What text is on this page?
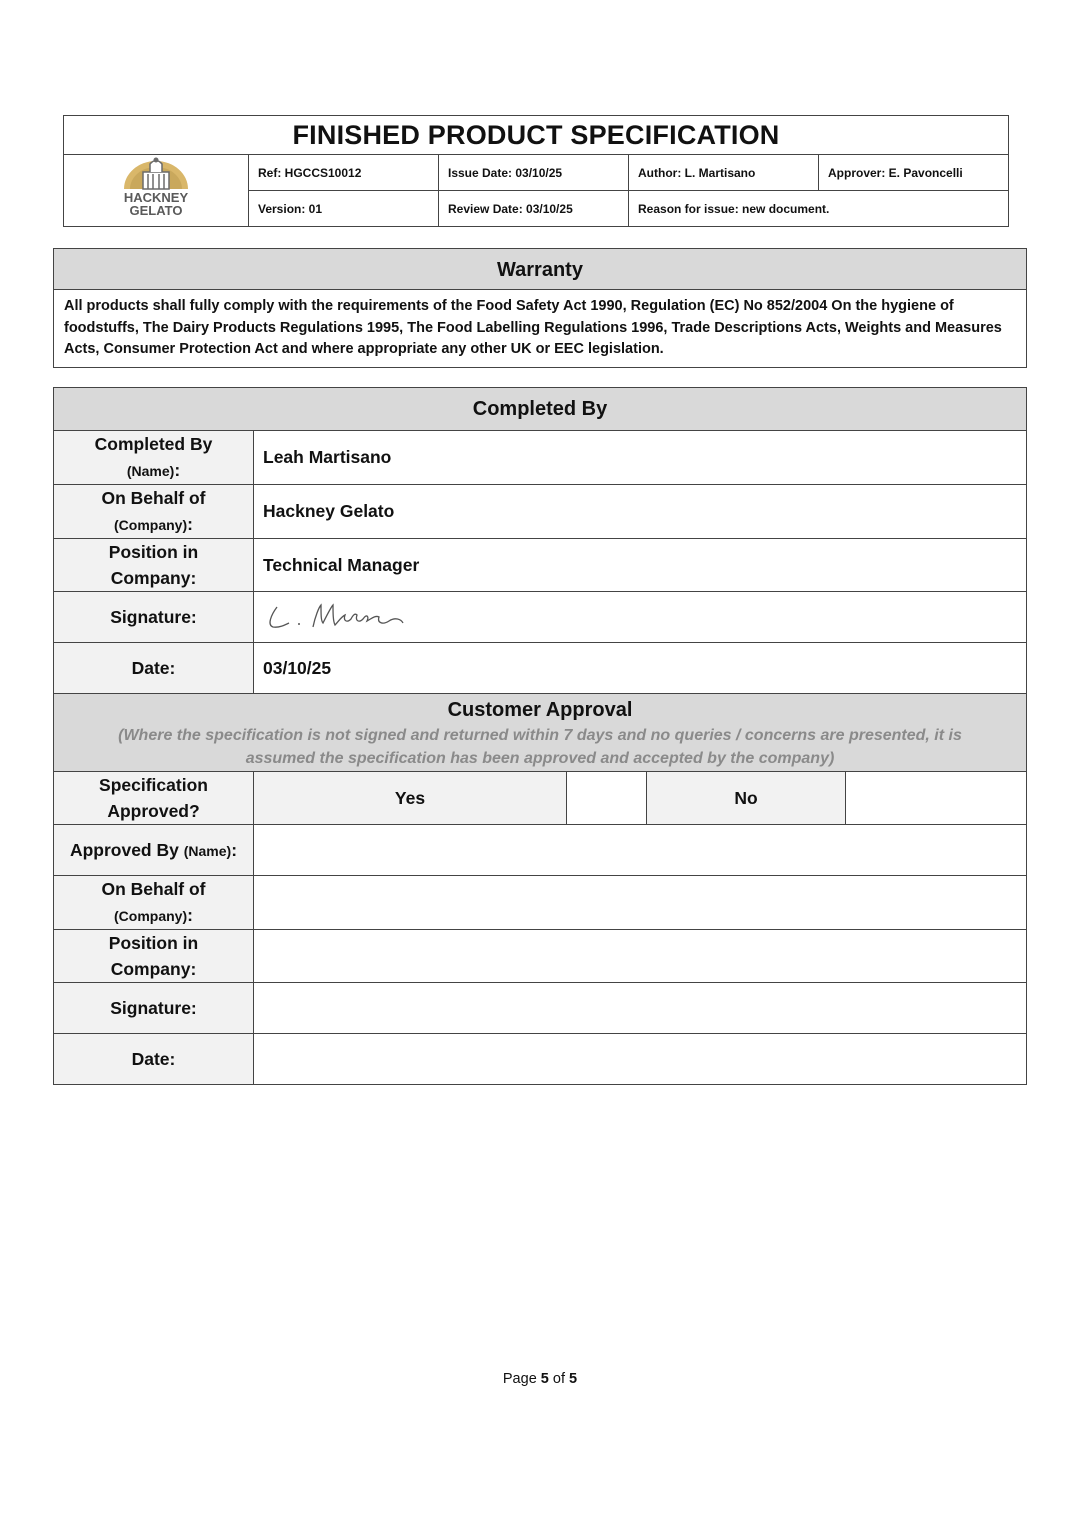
FINISHED PRODUCT SPECIFICATION				

HACKNEY
GELATO	Ref: HGCCS10012	Issue Date: 03/10/25	Author: L. Martisano	Approver: E. Pavoncelli
	Version: 01	Review Date: 03/10/25	Reason for issue: new document.	
Warranty
All products shall fully comply with the requirements of the Food Safety Act 1990, Regulation (EC) No 852/2004 On the hygiene of foodstuffs, The Dairy Products Regulations 1995, The Food Labelling Regulations 1996, Trade Descriptions Acts, Weights and Measures Acts, Consumer Protection Act and where appropriate any other UK or EEC legislation.
Completed By				
Completed By
(Name):	Leah Martisano			
On Behalf of
(Company):	Hackney Gelato			
Position in
Company:	Technical Manager			
Signature:	
Date:	03/10/25			

Customer Approval
(Where the specification is not signed and returned within 7 days and no queries / concerns are presented, it is
assumed the specification has been approved and accepted by the company)				

Specification
Approved?	Yes		No	
Approved By (Name):				
On Behalf of
(Company):				
Position in
Company:				
Signature:				
Date:				
Page 5 of 5
